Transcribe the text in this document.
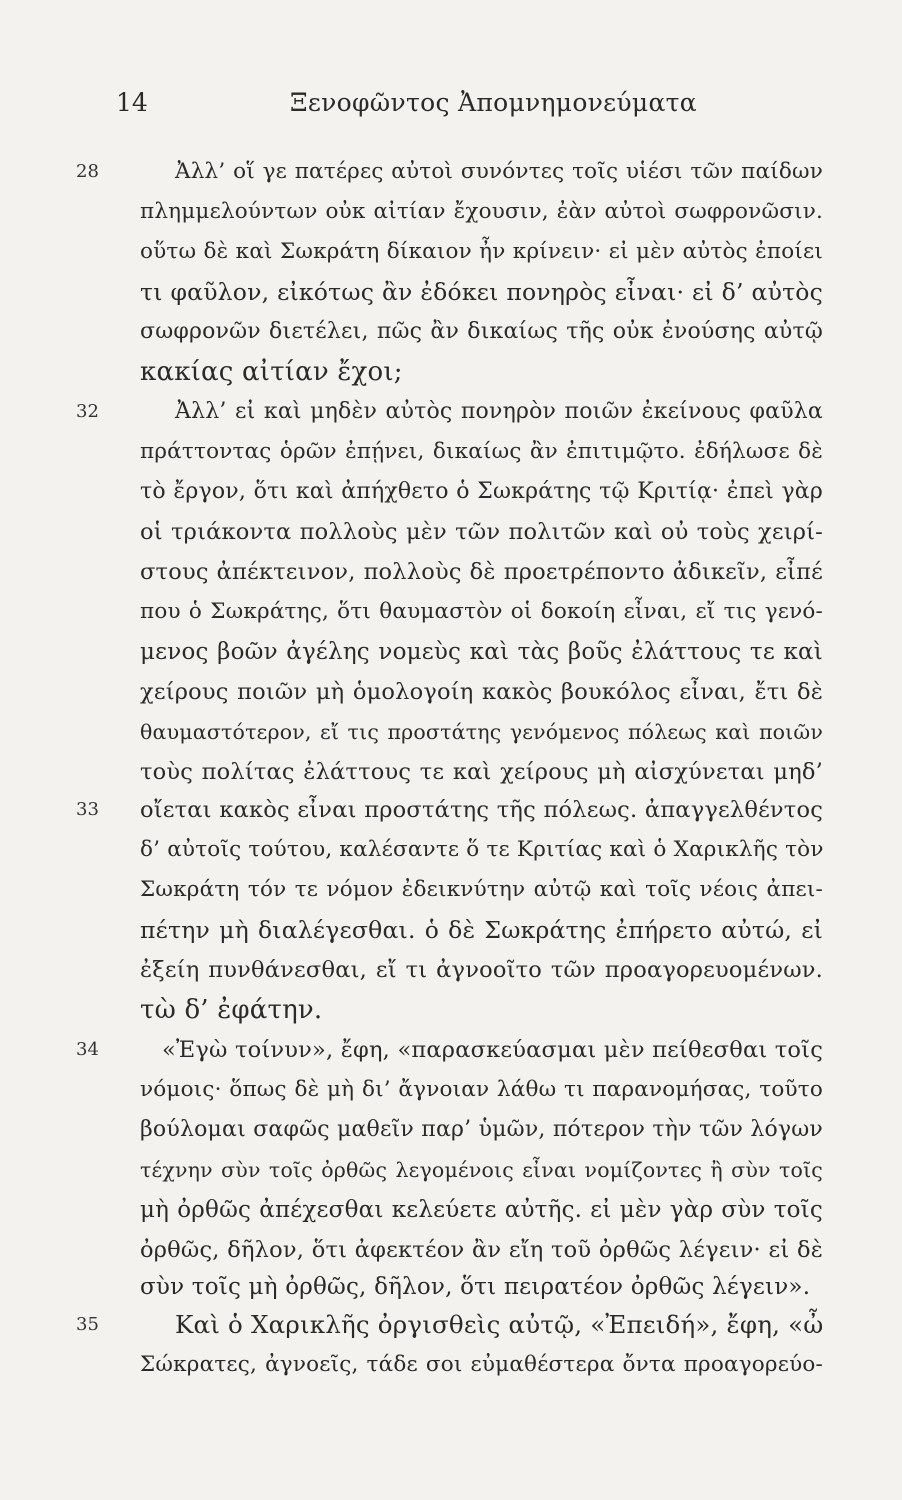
14	Ξενοφῶντος Ἀπομνημονεύματα
28
32
33
34
35
Ἀλλ’ οἵ γε πατέρες αὐτοὶ συνόντες τοῖς υἱέσι τῶν παίδων
πλημμελούντων οὐκ αἰτίαν ἔχουσιν, ἐὰν αὐτοὶ σωφρονῶσιν.
οὕτω δὲ καὶ Σωκράτη δίκαιον ἦν κρίνειν· εἰ μὲν αὐτὸς ἐποίει
τι φαῦλον, εἰκότως ἂν ἐδόκει πονηρὸς εἶναι· εἰ δ’ αὐτὸς
σωφρονῶν διετέλει, πῶς ἂν δικαίως τῆς οὐκ ἐνούσης αὐτῷ
κακίας αἰτίαν ἔχοι;
Ἀλλ’ εἰ καὶ μηδὲν αὐτὸς πονηρὸν ποιῶν ἐκείνους φαῦλα
πράττοντας ὁρῶν ἐπῄνει, δικαίως ἂν ἐπιτιμῷτο. ἐδήλωσε δὲ
τὸ ἔργον, ὅτι καὶ ἀπήχθετο ὁ Σωκράτης τῷ Κριτίᾳ· ἐπεὶ γὰρ
οἱ τριάκοντα πολλοὺς μὲν τῶν πολιτῶν καὶ οὐ τοὺς χειρί-
στους ἀπέκτεινον, πολλοὺς δὲ προετρέποντο ἀδικεῖν, εἶπέ
που ὁ Σωκράτης, ὅτι θαυμαστὸν οἱ δοκοίη εἶναι, εἴ τις γενό-
μενος βοῶν ἀγέλης νομεὺς καὶ τὰς βοῦς ἐλάττους τε καὶ
χείρους ποιῶν μὴ ὁμολογοίη κακὸς βουκόλος εἶναι, ἔτι δὲ
θαυμαστότερον, εἴ τις προστάτης γενόμενος πόλεως καὶ ποιῶν
τοὺς πολίτας ἐλάττους τε καὶ χείρους μὴ αἰσχύνεται μηδ’
οἴεται κακὸς εἶναι προστάτης τῆς πόλεως. ἀπαγγελθέντος
δ’ αὐτοῖς τούτου, καλέσαντε ὅ τε Κριτίας καὶ ὁ Χαρικλῆς τὸν
Σωκράτη τόν τε νόμον ἐδεικνύτην αὐτῷ καὶ τοῖς νέοις ἀπει-
πέτην μὴ διαλέγεσθαι. ὁ δὲ Σωκράτης ἐπήρετο αὐτώ, εἰ
ἐξείη πυνθάνεσθαι, εἴ τι ἀγνοοῖτο τῶν προαγορευομένων.
τὼ δ’ ἐφάτην.
«Ἐγὼ τοίνυν», ἔφη, «παρασκεύασμαι μὲν πείθεσθαι τοῖς
νόμοις· ὅπως δὲ μὴ δι’ ἄγνοιαν λάθω τι παρανομήσας, τοῦτο
βούλομαι σαφῶς μαθεῖν παρ’ ὑμῶν, πότερον τὴν τῶν λόγων
τέχνην σὺν τοῖς ὀρθῶς λεγομένοις εἶναι νομίζοντες ἢ σὺν τοῖς
μὴ ὀρθῶς ἀπέχεσθαι κελεύετε αὐτῆς. εἰ μὲν γὰρ σὺν τοῖς
ὀρθῶς, δῆλον, ὅτι ἀφεκτέον ἂν εἴη τοῦ ὀρθῶς λέγειν· εἰ δὲ
σὺν τοῖς μὴ ὀρθῶς, δῆλον, ὅτι πειρατέον ὀρθῶς λέγειν».
Καὶ ὁ Χαρικλῆς ὀργισθεὶς αὐτῷ, «Ἐπειδή», ἔφη, «ὦ
Σώκρατες, ἀγνοεῖς, τάδε σοι εὐμαθέστερα ὄντα προαγορεύο-
